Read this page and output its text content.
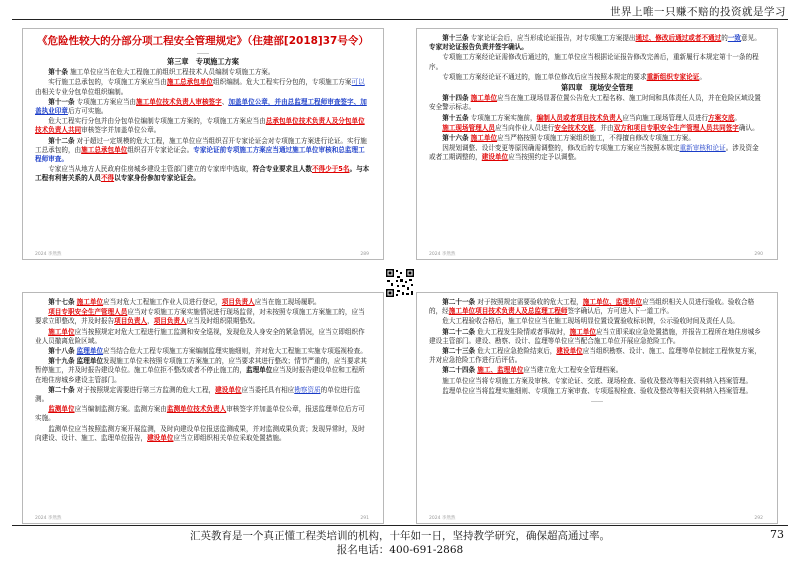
世界上唯一只赚不赔的投资就是学习
《危险性较大的分部分项工程安全管理规定》（住建部[2018]37号令）
……
第三章　专项施工方案

第十条 施工单位应当在危大工程施工前组织工程技术人员编制专项施工方案。

实行施工总承包的，专项施工方案应当由施工总承包单位组织编制。危大工程实行分包的，专项施工方案可以由相关专业分包单位组织编制。

第十一条 专项施工方案应当由施工单位技术负责人审核签字、加盖单位公章，并由总监理工程师审查签字、加盖执业印章后方可实施。

危大工程实行分包并由分包单位编制专项施工方案的，专项施工方案应当由总承包单位技术负责人及分包单位技术负责人共同审核签字并加盖单位公章。

第十二条 对于超过一定规模的危大工程，施工单位应当组织召开专家论证会对专项施工方案进行论证。实行施工总承包的，由施工总承包单位组织召开专家论证会。专家论证前专项施工方案应当通过施工单位审核和总监理工程师审查。

专家应当从地方人民政府住房城乡建设主管部门建立的专家库中选取，符合专业要求且人数不得少于5名。与本工程有利害关系的人员不得以专家身份参加专家论证会。

2024 李然然	289

第十三条 专家论证会后，应当形成论证报告，对专项施工方案提出通过、修改后通过或者不通过的一致意见。专家对论证报告负责并签字确认。

专项施工方案经论证需修改后通过的，施工单位应当根据论证报告修改完善后，重新履行本规定第十一条的程序。

专项施工方案经论证不通过的，施工单位修改后应当按照本规定的要求重新组织专家论证。

第四章　现场安全管理

第十四条 施工单位应当在施工现场显著位置公告危大工程名称、施工时间和具体责任人员，并在危险区域设置安全警示标志。

第十五条 专项施工方案实施前，编制人员或者项目技术负责人应当向施工现场管理人员进行方案交底。

施工现场管理人员应当向作业人员进行安全技术交底，并由双方和项目专职安全生产管理人员共同签字确认。

第十六条 施工单位应当严格按照专项施工方案组织施工，不得擅自修改专项施工方案。

因规划调整、设计变更等原因确需调整的，修改后的专项施工方案应当按照本规定重新审核和论证。涉及资金或者工期调整的，建设单位应当按照约定予以调整。

2024 李然然	290

第十七条 施工单位应当对危大工程施工作业人员进行登记，项目负责人应当在施工现场履职。

项目专职安全生产管理人员应当对专项施工方案实施情况进行现场监督，对未按照专项施工方案施工的，应当要求立即整改，并及时报告项目负责人，项目负责人应当及时组织限期整改。

施工单位应当按照规定对危大工程进行施工监测和安全巡视，发现危及人身安全的紧急情况，应当立即组织作业人员撤离危险区域。

第十八条 监理单位应当结合危大工程专项施工方案编制监理实施细则，并对危大工程施工实施专项巡视检查。

第十九条 监理单位发现施工单位未按照专项施工方案施工的，应当要求其进行整改；情节严重的，应当要求其暂停施工，并及时报告建设单位。施工单位拒不整改或者不停止施工的，监理单位应当及时报告建设单位和工程所在地住房城乡建设主管部门。

第二十条 对于按照规定需要进行第三方监测的危大工程，建设单位应当委托具有相应勘察资质的单位进行监测。

监测单位应当编制监测方案。监测方案由监测单位技术负责人审核签字并加盖单位公章，报送监理单位后方可实施。

监测单位应当按照监测方案开展监测，及时向建设单位报送监测成果，并对监测成果负责；发现异常时，及时向建设、设计、施工、监理单位报告，建设单位应当立即组织相关单位采取处置措施。

2024 李然然	291

第二十一条 对于按照规定需要验收的危大工程，施工单位、监理单位应当组织相关人员进行验收。验收合格的，经施工单位项目技术负责人及总监理工程师签字确认后，方可进入下一道工序。

危大工程验收合格后，施工单位应当在施工现场明显位置设置验收标识牌，公示验收时间及责任人员。

第二十二条 危大工程发生险情或者事故时，施工单位应当立即采取应急处置措施，并报告工程所在地住房城乡建设主管部门。建设、勘察、设计、监理等单位应当配合施工单位开展应急抢险工作。

第二十三条 危大工程应急抢险结束后，建设单位应当组织勘察、设计、施工、监理等单位制定工程恢复方案，并对应急抢险工作进行后评估。

第二十四条 施工、监理单位应当建立危大工程安全管理档案。

施工单位应当将专项施工方案及审核、专家论证、交底、现场检查、验收及整改等相关资料纳入档案管理。

监理单位应当将监理实施细则、专项施工方案审查、专项巡视检查、验收及整改等相关资料纳入档案管理。

……
2024 李然然	292
汇英教育是一个真正懂工程类培训的机构，十年如一日，坚持教学研究，确保超高通过率。
报名电话：400-691-2868
73
